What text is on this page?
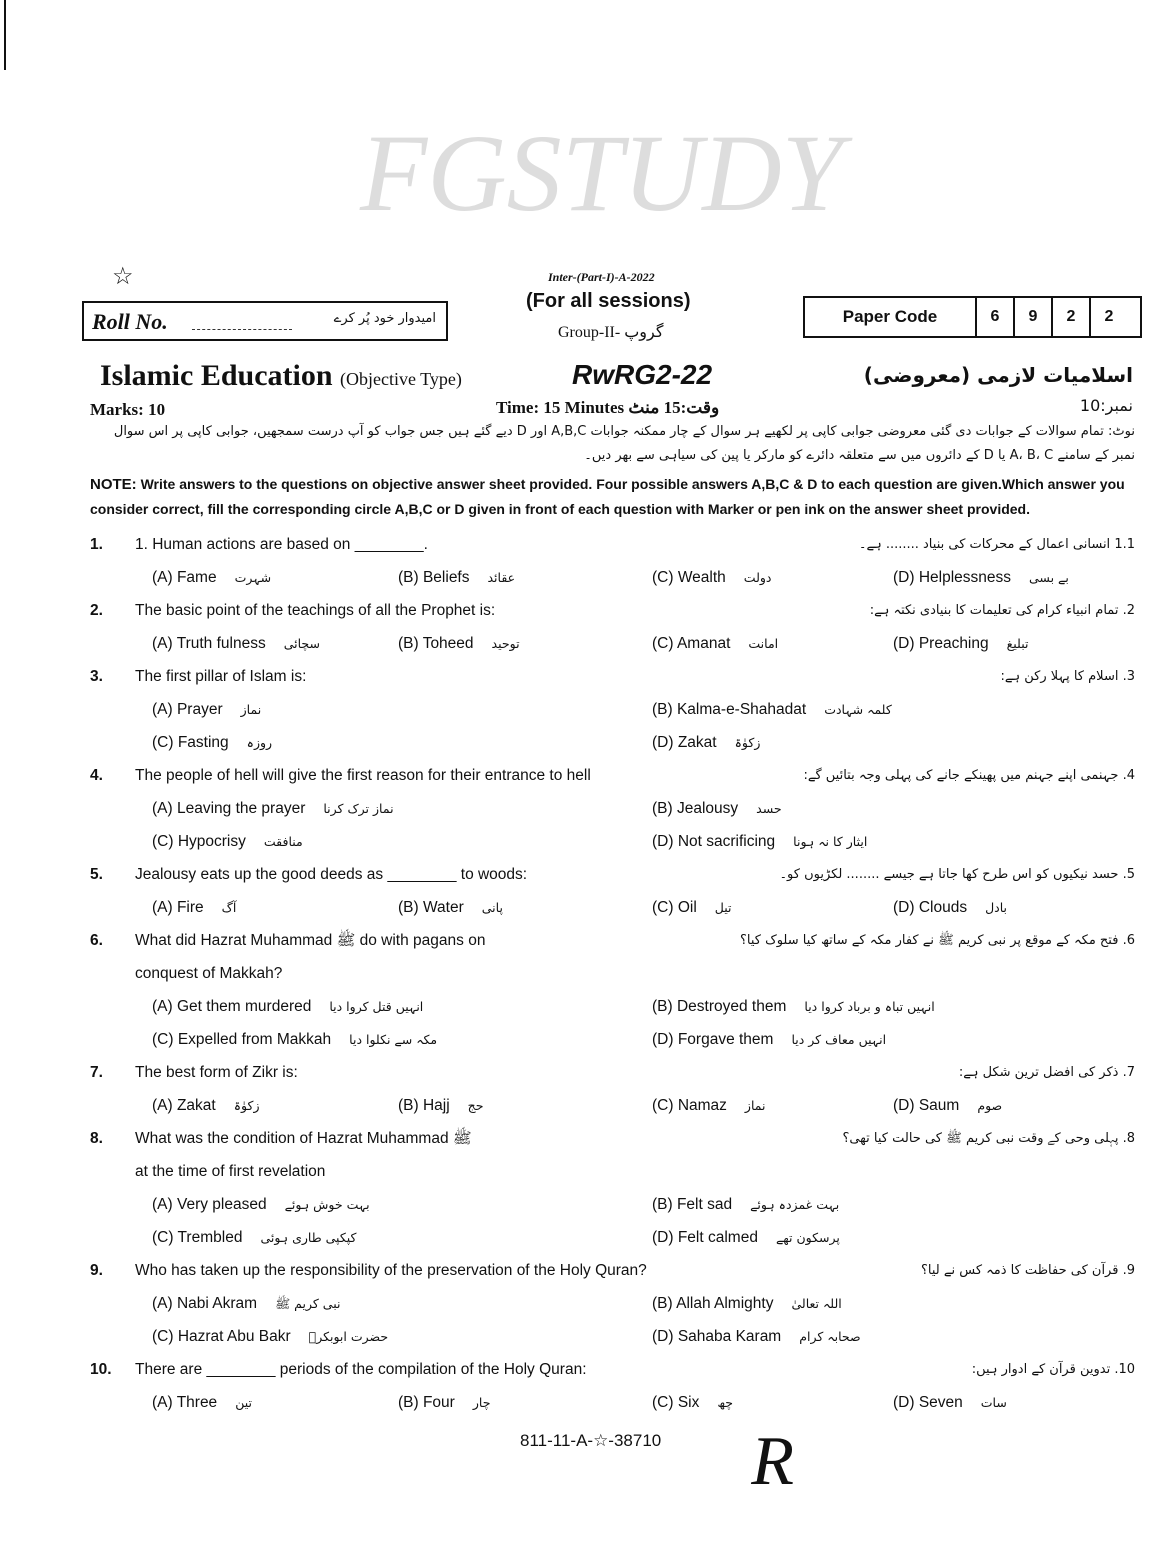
FGSTUDY
☆	Inter-(Part-I)-A-2022
(For all sessions)
Group-II- گروپ
Roll No.	امیدوار خود پُر کرے	Paper Code	6	9	2	2
Islamic Education (Objective Type)	RwRG2-22	اسلامیات لازمی (معروضی)
Marks: 10	Time: 15 Minutes وقت:15 منٹ	نمبر:10
نوٹ: تمام سوالات کے جوابات دی گئی معروضی جوابی کاپی پر لکھیے ہر سوال کے چار ممکنہ جوابات A,B,C اور D دیے گئے ہیں جس جواب کو آپ درست سمجھیں، جوابی کاپی پر اس سوال نمبر کے سامنے A، B، C یا D کے دائروں میں سے متعلقہ دائرے کو مارکر یا پین کی سیاہی سے بھر دیں۔
NOTE: Write answers to the questions on objective answer sheet provided. Four possible answers A,B,C & D to each question are given.Which answer you consider correct, fill the corresponding circle A,B,C or D given in front of each question with Marker or pen ink on the answer sheet provided.
1.	1. Human actions are based on ________.	1.1 انسانی اعمال کے محرکات کی بنیاد ........ ہے۔
(A) Fame شہرت	(B) Beliefs عقائد	(C) Wealth دولت	(D) Helplessness بے بسی
2.	The basic point of the teachings of all the Prophet is:	2. تمام انبیاء کرام کی تعلیمات کا بنیادی نکتہ ہے:
(A) Truth fulness سچائی	(B) Toheed توحید	(C) Amanat امانت	(D) Preaching تبلیغ
3.	The first pillar of Islam is:	3. اسلام کا پہلا رکن ہے:
(A) Prayer نماز	(B) Kalma-e-Shahadat کلمہ شہادت
(C) Fasting روزہ	(D) Zakat زکوٰۃ
4.	The people of hell will give the first reason for their entrance to hell	4. جہنمی اپنے جہنم میں پھینکے جانے کی پہلی وجہ بتائیں گے:
(A) Leaving the prayer نماز ترک کرنا	(B) Jealousy حسد
(C) Hypocrisy منافقت	(D) Not sacrificing ایثار کا نہ ہونا
5.	Jealousy eats up the good deeds as ________ to woods:	5. حسد نیکیوں کو اس طرح کھا جاتا ہے جیسے ........ لکڑیوں کو۔
(A) Fire آگ	(B) Water پانی	(C) Oil تیل	(D) Clouds بادل
6.	What did Hazrat Muhammad ﷺ do with pagans on	6. فتح مکہ کے موقع پر نبی کریم ﷺ نے کفار مکہ کے ساتھ کیا سلوک کیا؟
conquest of Makkah?
(A) Get them murdered انہیں قتل کروا دیا	(B) Destroyed them انہیں تباہ و برباد کروا دیا
(C) Expelled from Makkah مکہ سے نکلوا دیا	(D) Forgave them انہیں معاف کر دیا
7.	The best form of Zikr is:	7. ذکر کی افضل ترین شکل ہے:
(A) Zakat زکوٰۃ	(B) Hajj حج	(C) Namaz نماز	(D) Saum صوم
8.	What was the condition of Hazrat Muhammad ﷺ	8. پہلی وحی کے وقت نبی کریم ﷺ کی حالت کیا تھی؟
at the time of first revelation
(A) Very pleased بہت خوش ہوئے	(B) Felt sad بہت غمزدہ ہوئے
(C) Trembled کپکپی طاری ہوئی	(D) Felt calmed پرسکون تھے
9.	Who has taken up the responsibility of the preservation of the Holy Quran?	9. قرآن کی حفاظت کا ذمہ کس نے لیا؟
(A) Nabi Akram نبی کریم ﷺ	(B) Allah Almighty اللہ تعالیٰ
(C) Hazrat Abu Bakr حضرت ابوبکرؓ	(D) Sahaba Karam صحابہ کرام
10.	There are ________ periods of the compilation of the Holy Quran:	10. تدوین قرآن کے ادوار ہیں:
(A) Three تین	(B) Four چار	(C) Six چھ	(D) Seven سات
811-11-A-☆-38710 R
